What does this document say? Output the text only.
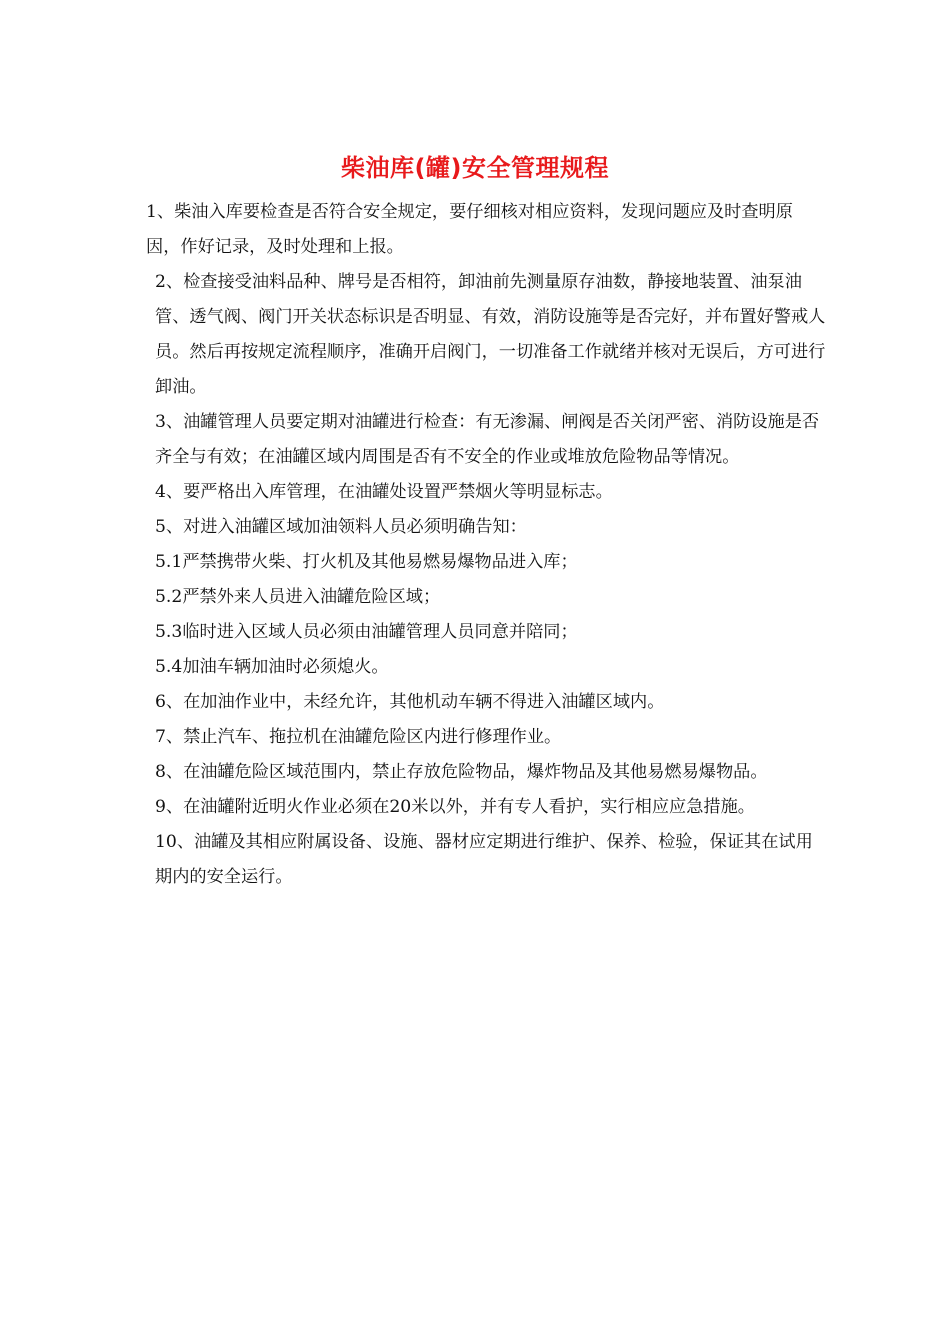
柴油库(罐)安全管理规程

1、柴油入库要检查是否符合安全规定，要仔细核对相应资料，发现问题应及时查明原因，作好记录，及时处理和上报。

2、检查接受油料品种、牌号是否相符，卸油前先测量原存油数，静接地装置、油泵油管、透气阀、阀门开关状态标识是否明显、有效，消防设施等是否完好，并布置好警戒人员。然后再按规定流程顺序，准确开启阀门，一切准备工作就绪并核对无误后，方可进行卸油。

3、油罐管理人员要定期对油罐进行检查：有无渗漏、闸阀是否关闭严密、消防设施是否齐全与有效；在油罐区域内周围是否有不安全的作业或堆放危险物品等情况。

4、要严格出入库管理，在油罐处设置严禁烟火等明显标志。

5、对进入油罐区域加油领料人员必须明确告知：

5.1严禁携带火柴、打火机及其他易燃易爆物品进入库；

5.2严禁外来人员进入油罐危险区域；

5.3临时进入区域人员必须由油罐管理人员同意并陪同；

5.4加油车辆加油时必须熄火。

6、在加油作业中，未经允许，其他机动车辆不得进入油罐区域内。

7、禁止汽车、拖拉机在油罐危险区内进行修理作业。

8、在油罐危险区域范围内，禁止存放危险物品，爆炸物品及其他易燃易爆物品。

9、在油罐附近明火作业必须在20米以外，并有专人看护，实行相应应急措施。

10、油罐及其相应附属设备、设施、器材应定期进行维护、保养、检验，保证其在试用期内的安全运行。
